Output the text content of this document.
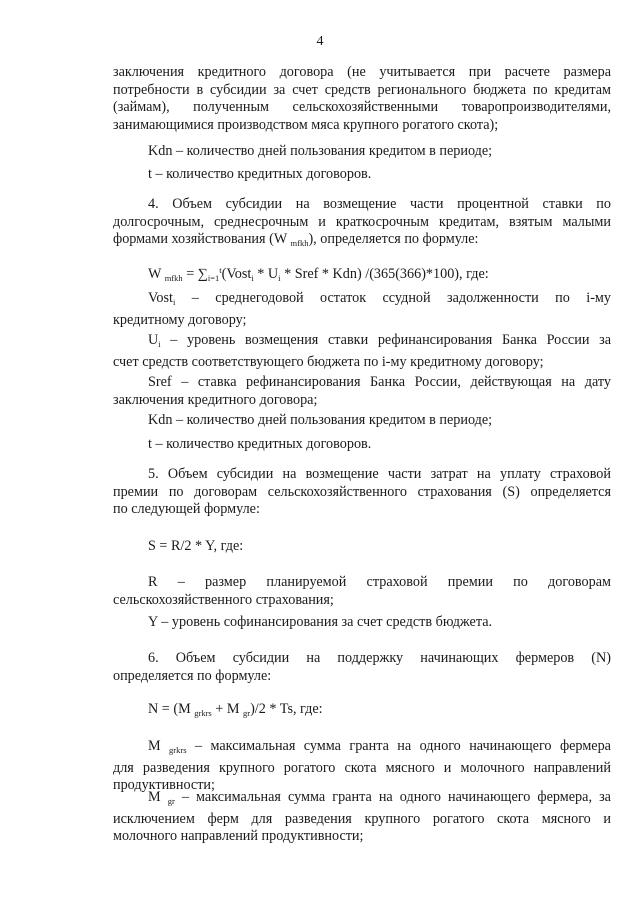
4
заключения кредитного договора (не учитывается при расчете размера
потребности в субсидии за счет средств регионального бюджета по кредитам
(займам), полученным сельскохозяйственными товаропроизводителями,
занимающимися производством мяса крупного рогатого скота);
Kdn – количество дней пользования кредитом в периоде;
t – количество кредитных договоров.
4. Объем субсидии на возмещение части процентной ставки по
долгосрочным, среднесрочным и краткосрочным кредитам, взятым малыми
формами хозяйствования (W $_{mfkh}$), определяется по формуле:
W $_{mfkh} = \sum_{i=1}^t(Vost_i * U_i$ * Sref * Kdn) /(365(366)*100), где:
Vost$_i$ – среднегодовой остаток ссудной задолженности по i-му
кредитному договору;
$U_i$ – уровень возмещения ставки рефинансирования Банка России за
счет средств соответствующего бюджета по i-му кредитному договору;
Sref – ставка рефинансирования Банка России, действующая на дату
заключения кредитного договора;
Kdn – количество дней пользования кредитом в периоде;
t – количество кредитных договоров.
5. Объем субсидии на возмещение части затрат на уплату страховой
премии по договорам сельскохозяйственного страхования (S) определяется
по следующей формуле:
S = R/2 * Y, где:
R – размер планируемой страховой премии по договорам
сельскохозяйственного страхования;
Y – уровень софинансирования за счет средств бюджета.
6. Объем субсидии на поддержку начинающих фермеров (N)
определяется по формуле:
N = (M $_{grkrs}$ + M $_{gr}$)/2 * Ts, где:
M $_{grkrs}$ – максимальная сумма гранта на одного начинающего фермера
для разведения крупного рогатого скота мясного и молочного направлений
продуктивности;
M $_{gr}$ – максимальная сумма гранта на одного начинающего фермера, за
исключением ферм для разведения крупного рогатого скота мясного и
молочного направлений продуктивности;
